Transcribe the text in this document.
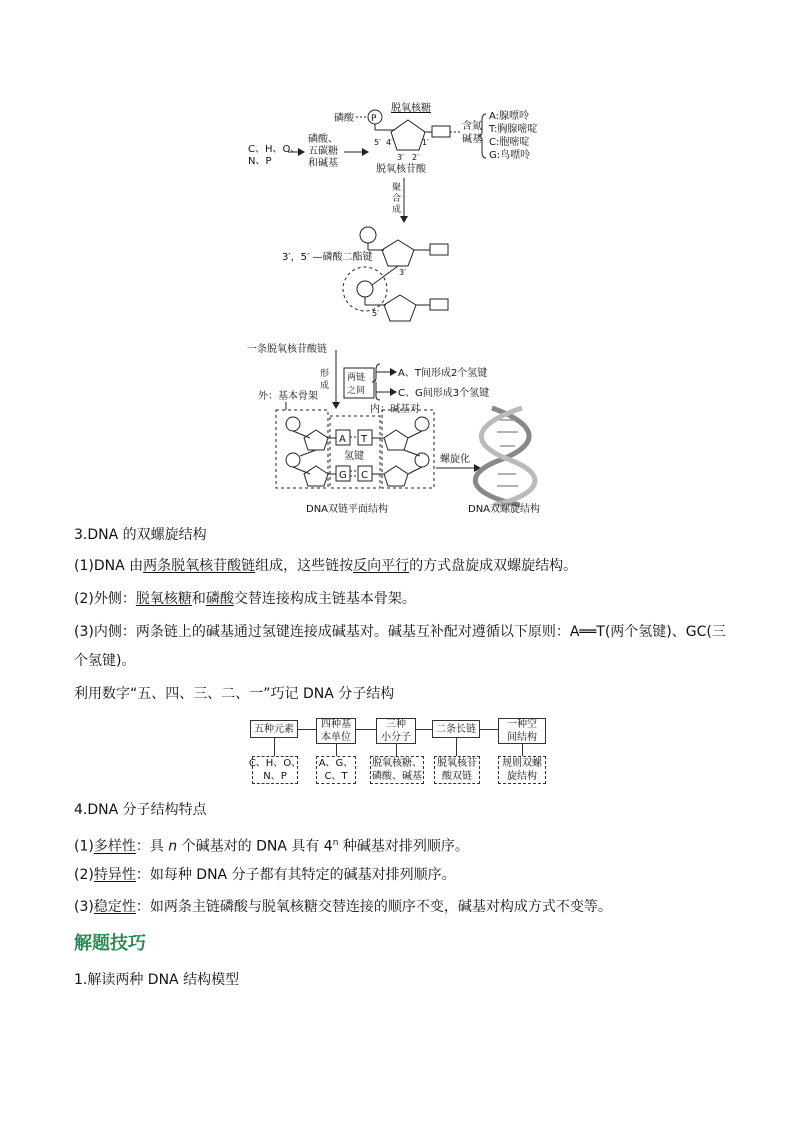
C、H、O、
N、P
磷酸、
五碳糖
和碱基
磷酸 P
脱氧核糖
5′ 4′
3′ 2′
1′
含氮
碱基
A:腺嘌呤
T:胸腺嘧啶
C:胞嘧啶
G:鸟嘌呤
脱氧核苷酸
聚
合
成
3′，5′ —磷酸二酯键
3′
5′
一条脱氧核苷酸链
形
成
两链
之间
A、T间形成2个氢键
C、G间形成3个氢键
外：基本骨架
内：碱基对
A T
氢键
G C
螺旋化
DNA双链平面结构	DNA双螺旋结构
3.DNA 的双螺旋结构
(1)DNA 由两条脱氧核苷酸链组成，这些链按反向平行的方式盘旋成双螺旋结构。
(2)外侧：脱氧核糖和磷酸交替连接构成主链基本骨架。
(3)内侧：两条链上的碱基通过氢键连接成碱基对。碱基互补配对遵循以下原则：A══T(两个氢键)、GC(三
个氢键)。
利用数字“五、四、三、二、一”巧记 DNA 分子结构
五种元素	四种基
本单位
三种
小分子
二条长链	一种空
间结构
C、H、O、
N、P
A、G、
C、T
脱氧核糖、
磷酸、碱基
脱氧核苷
酸双链
规则双螺
旋结构
4.DNA 分子结构特点
(1)多样性：具 n 个碱基对的 DNA 具有 4$^n$ 种碱基对排列顺序。
(2)特异性：如每种 DNA 分子都有其特定的碱基对排列顺序。
(3)稳定性：如两条主链磷酸与脱氧核糖交替连接的顺序不变，碱基对构成方式不变等。
解题技巧
1.解读两种 DNA 结构模型
